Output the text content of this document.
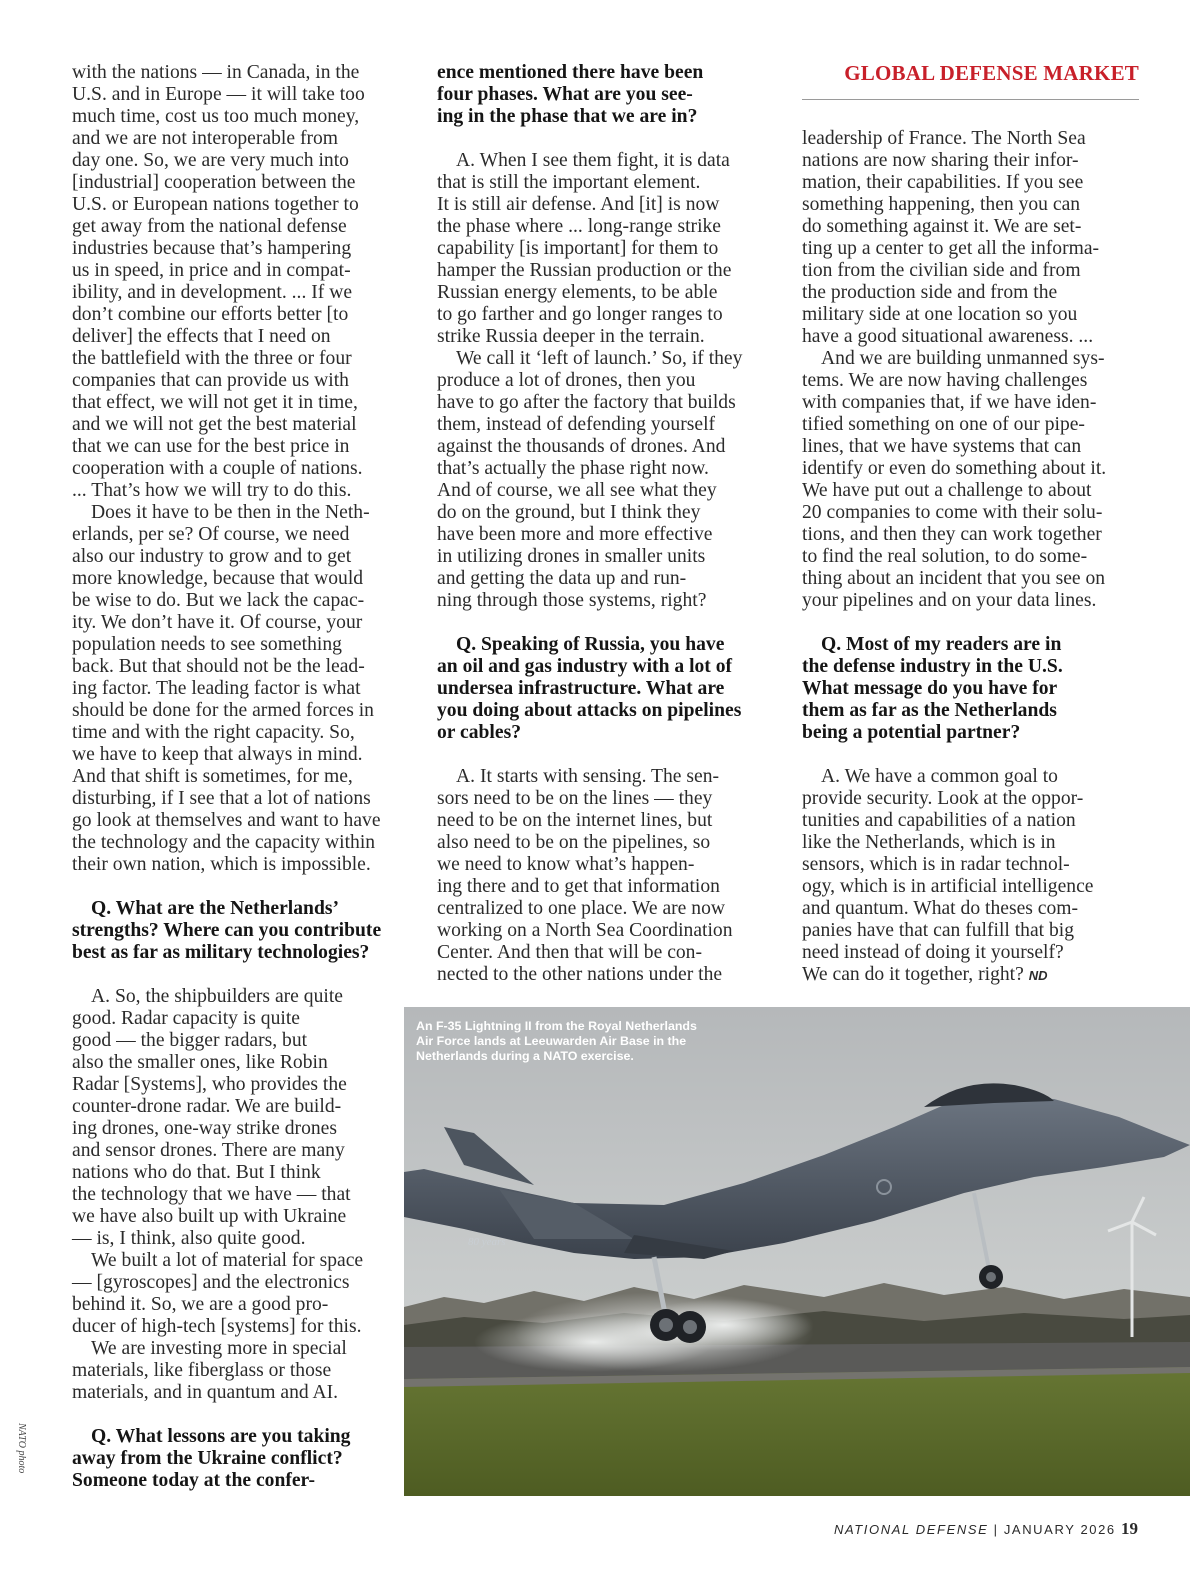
GLOBAL DEFENSE MARKET

with the nations — in Canada, in the

U.S. and in Europe — it will take too

much time, cost us too much money,

and we are not interoperable from

day one. So, we are very much into

[industrial] cooperation between the

U.S. or European nations together to

get away from the national defense

industries because that’s hampering

us in speed, in price and in compat-

ibility, and in development. ... If we

don’t combine our efforts better [to

deliver] the effects that I need on

the battlefield with the three or four

companies that can provide us with

that effect, we will not get it in time,

and we will not get the best material

that we can use for the best price in

cooperation with a couple of nations.

... That’s how we will try to do this.

Does it have to be then in the Neth-

erlands, per se? Of course, we need

also our industry to grow and to get

more knowledge, because that would

be wise to do. But we lack the capac-

ity. We don’t have it. Of course, your

population needs to see something

back. But that should not be the lead-

ing factor. The leading factor is what

should be done for the armed forces in

time and with the right capacity. So,

we have to keep that always in mind.

And that shift is sometimes, for me,

disturbing, if I see that a lot of nations

go look at themselves and want to have

the technology and the capacity within

their own nation, which is impossible.

Q. What are the Netherlands’

strengths? Where can you contribute

best as far as military technologies?

A. So, the shipbuilders are quite

good. Radar capacity is quite

good — the bigger radars, but

also the smaller ones, like Robin

Radar [Systems], who provides the

counter-drone radar. We are build-

ing drones, one-way strike drones

and sensor drones. There are many

nations who do that. But I think

the technology that we have — that

we have also built up with Ukraine

— is, I think, also quite good.

We built a lot of material for space

— [gyroscopes] and the electronics

behind it. So, we are a good pro-

ducer of high-tech [systems] for this.

We are investing more in special

materials, like fiberglass or those

materials, and in quantum and AI.

Q. What lessons are you taking

away from the Ukraine conflict?

Someone today at the confer-

ence mentioned there have been

four phases. What are you see-

ing in the phase that we are in?

A. When I see them fight, it is data

that is still the important element.

It is still air defense. And [it] is now

the phase where ... long-range strike

capability [is important] for them to

hamper the Russian production or the

Russian energy elements, to be able

to go farther and go longer ranges to

strike Russia deeper in the terrain.

We call it ‘left of launch.’ So, if they

produce a lot of drones, then you

have to go after the factory that builds

them, instead of defending yourself

against the thousands of drones. And

that’s actually the phase right now.

And of course, we all see what they

do on the ground, but I think they

have been more and more effective

in utilizing drones in smaller units

and getting the data up and run-

ning through those systems, right?

Q. Speaking of Russia, you have

an oil and gas industry with a lot of

undersea infrastructure. What are

you doing about attacks on pipelines

or cables?

A. It starts with sensing. The sen-

sors need to be on the lines — they

need to be on the internet lines, but

also need to be on the pipelines, so

we need to know what’s happen-

ing there and to get that information

centralized to one place. We are now

working on a North Sea Coordination

Center. And then that will be con-

nected to the other nations under the

leadership of France. The North Sea

nations are now sharing their infor-

mation, their capabilities. If you see

something happening, then you can

do something against it. We are set-

ting up a center to get all the informa-

tion from the civilian side and from

the production side and from the

military side at one location so you

have a good situational awareness. ...

And we are building unmanned sys-

tems. We are now having challenges

with companies that, if we have iden-

tified something on one of our pipe-

lines, that we have systems that can

identify or even do something about it.

We have put out a challenge to about

20 companies to come with their solu-

tions, and then they can work together

to find the real solution, to do some-

thing about an incident that you see on

your pipelines and on your data lines.

Q. Most of my readers are in

the defense industry in the U.S.

What message do you have for

them as far as the Netherlands

being a potential partner?

A. We have a common goal to

provide security. Look at the oppor-

tunities and capabilities of a nation

like the Netherlands, which is in

sensors, which is in radar technol-

ogy, which is in artificial intelligence

and quantum. What do theses com-

panies have that can fulfill that big

need instead of doing it yourself?

We can do it together, right? ND

80 years
An F-35 Lightning II from the Royal Netherlands
Air Force lands at Leeuwarden Air Base in the
Netherlands during a NATO exercise.
NATO photo
NATIONAL DEFENSE | JANUARY 2026 19
